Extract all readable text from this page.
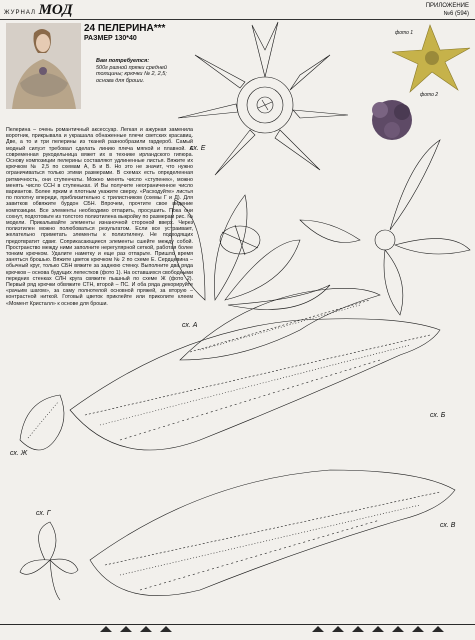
ЖУРНАЛ МОД	ПРИЛОЖЕНИЕ
№6 (594)
24 ПЕЛЕРИНА***
РАЗМЕР 130*40
Вам потребуется:
500г разной пряжи средней толщины; крючки № 2, 2,5; основа для броши.
Пелерина – очень романтичный аксессуар. Легкая и ажурная заменила воротник, прикрывала и украшала обнаженные плечи светских красавиц. Две, а то и три пелерины из тканей разнообразили гардероб. Самый модный силуэт требовал сделать линию плеча мягкой и плавной. А современная рукодельница вяжет их в технике ирландского гипюра. Основу композиции пелерины составляют удлиненные листья. Вяжите их крючком № 2,5 по схемам А, Б и В. Но это не значит, что нужно ограничиваться только этими размерами. В схемах есть определенная ритмичность, они ступенчаты. Можно менять число «ступенек», можно менять число ССН в ступеньках. И Вы получите неограниченное число вариантов. Более ярким и плотным укажите сверху. «Расходуйте» листья по полотну впереди, приблизительно с трилистником (схемы Г и Д). Для завитков обвяжите бурдон СБН. Впрочем, прочтите свое видение композиции. Все элементы необходимо отпарить, просушить. Пока они сохнут, подготовьте из толстого полиэтилена выкройку по размерам рис. № модели. Прикалывайте элементы изнаночной стороной вверх. Через полиэтилен можно полюбоваться результатом. Если все устраивает, желательно приметать элементы к полиэтилену. Не подходящих предотвратит сдвиг. Соприкасающиеся элементы сшейте между собой. Пространство между ними заполните нерегулярной сеткой, работая более тонким крючком. Удалите наметку и еще раз отпарьте. Пришло время заняться брошью. Вяжите цветок крючком № 2 по схеме Е. Сердцевина – обычный круг, только СБН вяжите за заднюю стенку. Выполните два ряда крючков – основа будущих лепестков (фото 1). На оставшихся свободными передних стенках СЛН круга свяжите пышный по схеме Ж (фото 2). Первый ряд крючки обвяжите СТН, второй – ПС. И оба ряда декорируйте «рачьим шагом», за саму полнотелой основной пряжей, за вторую – контрастной ниткой. Готовый цветок приклейте или приколите клеем «Момент Кристалл» к основе для броши.
сх. Е
сх. А
сх. Б
сх. В
сх. Г
сх. Ж
фото 1
фото 2
